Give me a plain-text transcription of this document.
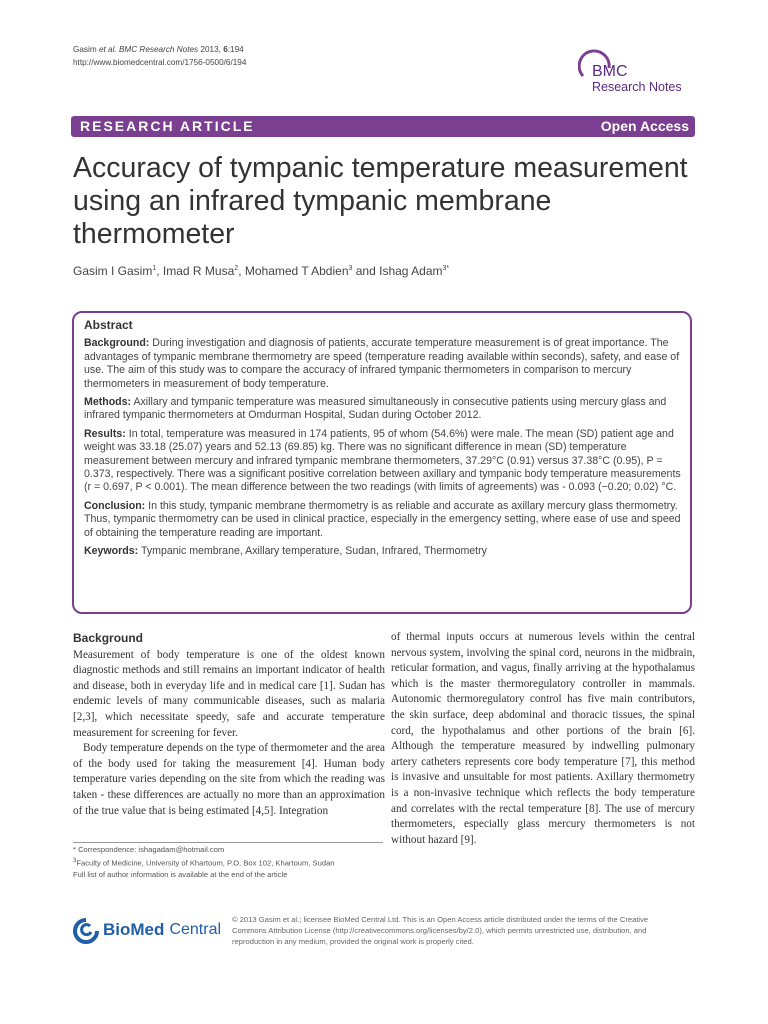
Gasim et al. BMC Research Notes 2013, 6:194
http://www.biomedcentral.com/1756-0500/6/194
BMC
Research Notes
RESEARCH ARTICLE	Open Access
Accuracy of tympanic temperature measurement using an infrared tympanic membrane thermometer
Gasim I Gasim$^1$, Imad R Musa$^2$, Mohamed T Abdien$^3$ and Ishag Adam$^{3*}$
Abstract

Background: During investigation and diagnosis of patients, accurate temperature measurement is of great importance. The advantages of tympanic membrane thermometry are speed (temperature reading available within seconds), safety, and ease of use. The aim of this study was to compare the accuracy of infrared tympanic thermometers in comparison to mercury thermometers in measurement of body temperature.

Methods: Axillary and tympanic temperature was measured simultaneously in consecutive patients using mercury glass and infrared tympanic thermometers at Omdurman Hospital, Sudan during October 2012.

Results: In total, temperature was measured in 174 patients, 95 of whom (54.6%) were male. The mean (SD) patient age and weight was 33.18 (25.07) years and 52.13 (69.85) kg. There was no significant difference in mean (SD) temperature measurement between mercury and infrared tympanic membrane thermometers, 37.29°C (0.91) versus 37.38°C (0.95), P = 0.373, respectively. There was a significant positive correlation between axillary and tympanic body temperature measurements (r = 0.697, P < 0.001). The mean difference between the two readings (with limits of agreements) was - 0.093 (−0.20; 0.02) °C.

Conclusion: In this study, tympanic membrane thermometry is as reliable and accurate as axillary mercury glass thermometry. Thus, tympanic thermometry can be used in clinical practice, especially in the emergency setting, where ease of use and speed of obtaining the temperature reading are important.

Keywords: Tympanic membrane, Axillary temperature, Sudan, Infrared, Thermometry

Background

Measurement of body temperature is one of the oldest known diagnostic methods and still remains an important indicator of health and disease, both in everyday life and in medical care [1]. Sudan has endemic levels of many communicable diseases, such as malaria [2,3], which necessitate speedy, safe and accurate temperature measurement for screening for fever.

Body temperature depends on the type of thermometer and the area of the body used for taking the measurement [4]. Human body temperature varies depending on the site from which the reading was taken - these differences are actually no more than an approximation of the true value that is being estimated [4,5]. Integration

of thermal inputs occurs at numerous levels within the central nervous system, involving the spinal cord, neurons in the midbrain, reticular formation, and vagus, finally arriving at the hypothalamus which is the master thermoregulatory controller in mammals. Autonomic thermoregulatory control has five main contributors, the skin surface, deep abdominal and thoracic tissues, the spinal cord, the hypothalamus and other portions of the brain [6]. Although the temperature measured by indwelling pulmonary artery catheters represents core body temperature [7], this method is invasive and unsuitable for most patients. Axillary thermometry is a non-invasive technique which reflects the body temperature and correlates with the rectal temperature [8]. The use of mercury thermometers, especially glass mercury thermometers is not without hazard [9].

* Correspondence: ishagadam@hotmail.com
$^3$Faculty of Medicine, University of Khartoum, P.O. Box 102, Khartoum, Sudan
Full list of author information is available at the end of the article
BioMed Central
© 2013 Gasim et al.; licensee BioMed Central Ltd. This is an Open Access article distributed under the terms of the Creative Commons Attribution License (http://creativecommons.org/licenses/by/2.0), which permits unrestricted use, distribution, and reproduction in any medium, provided the original work is properly cited.
